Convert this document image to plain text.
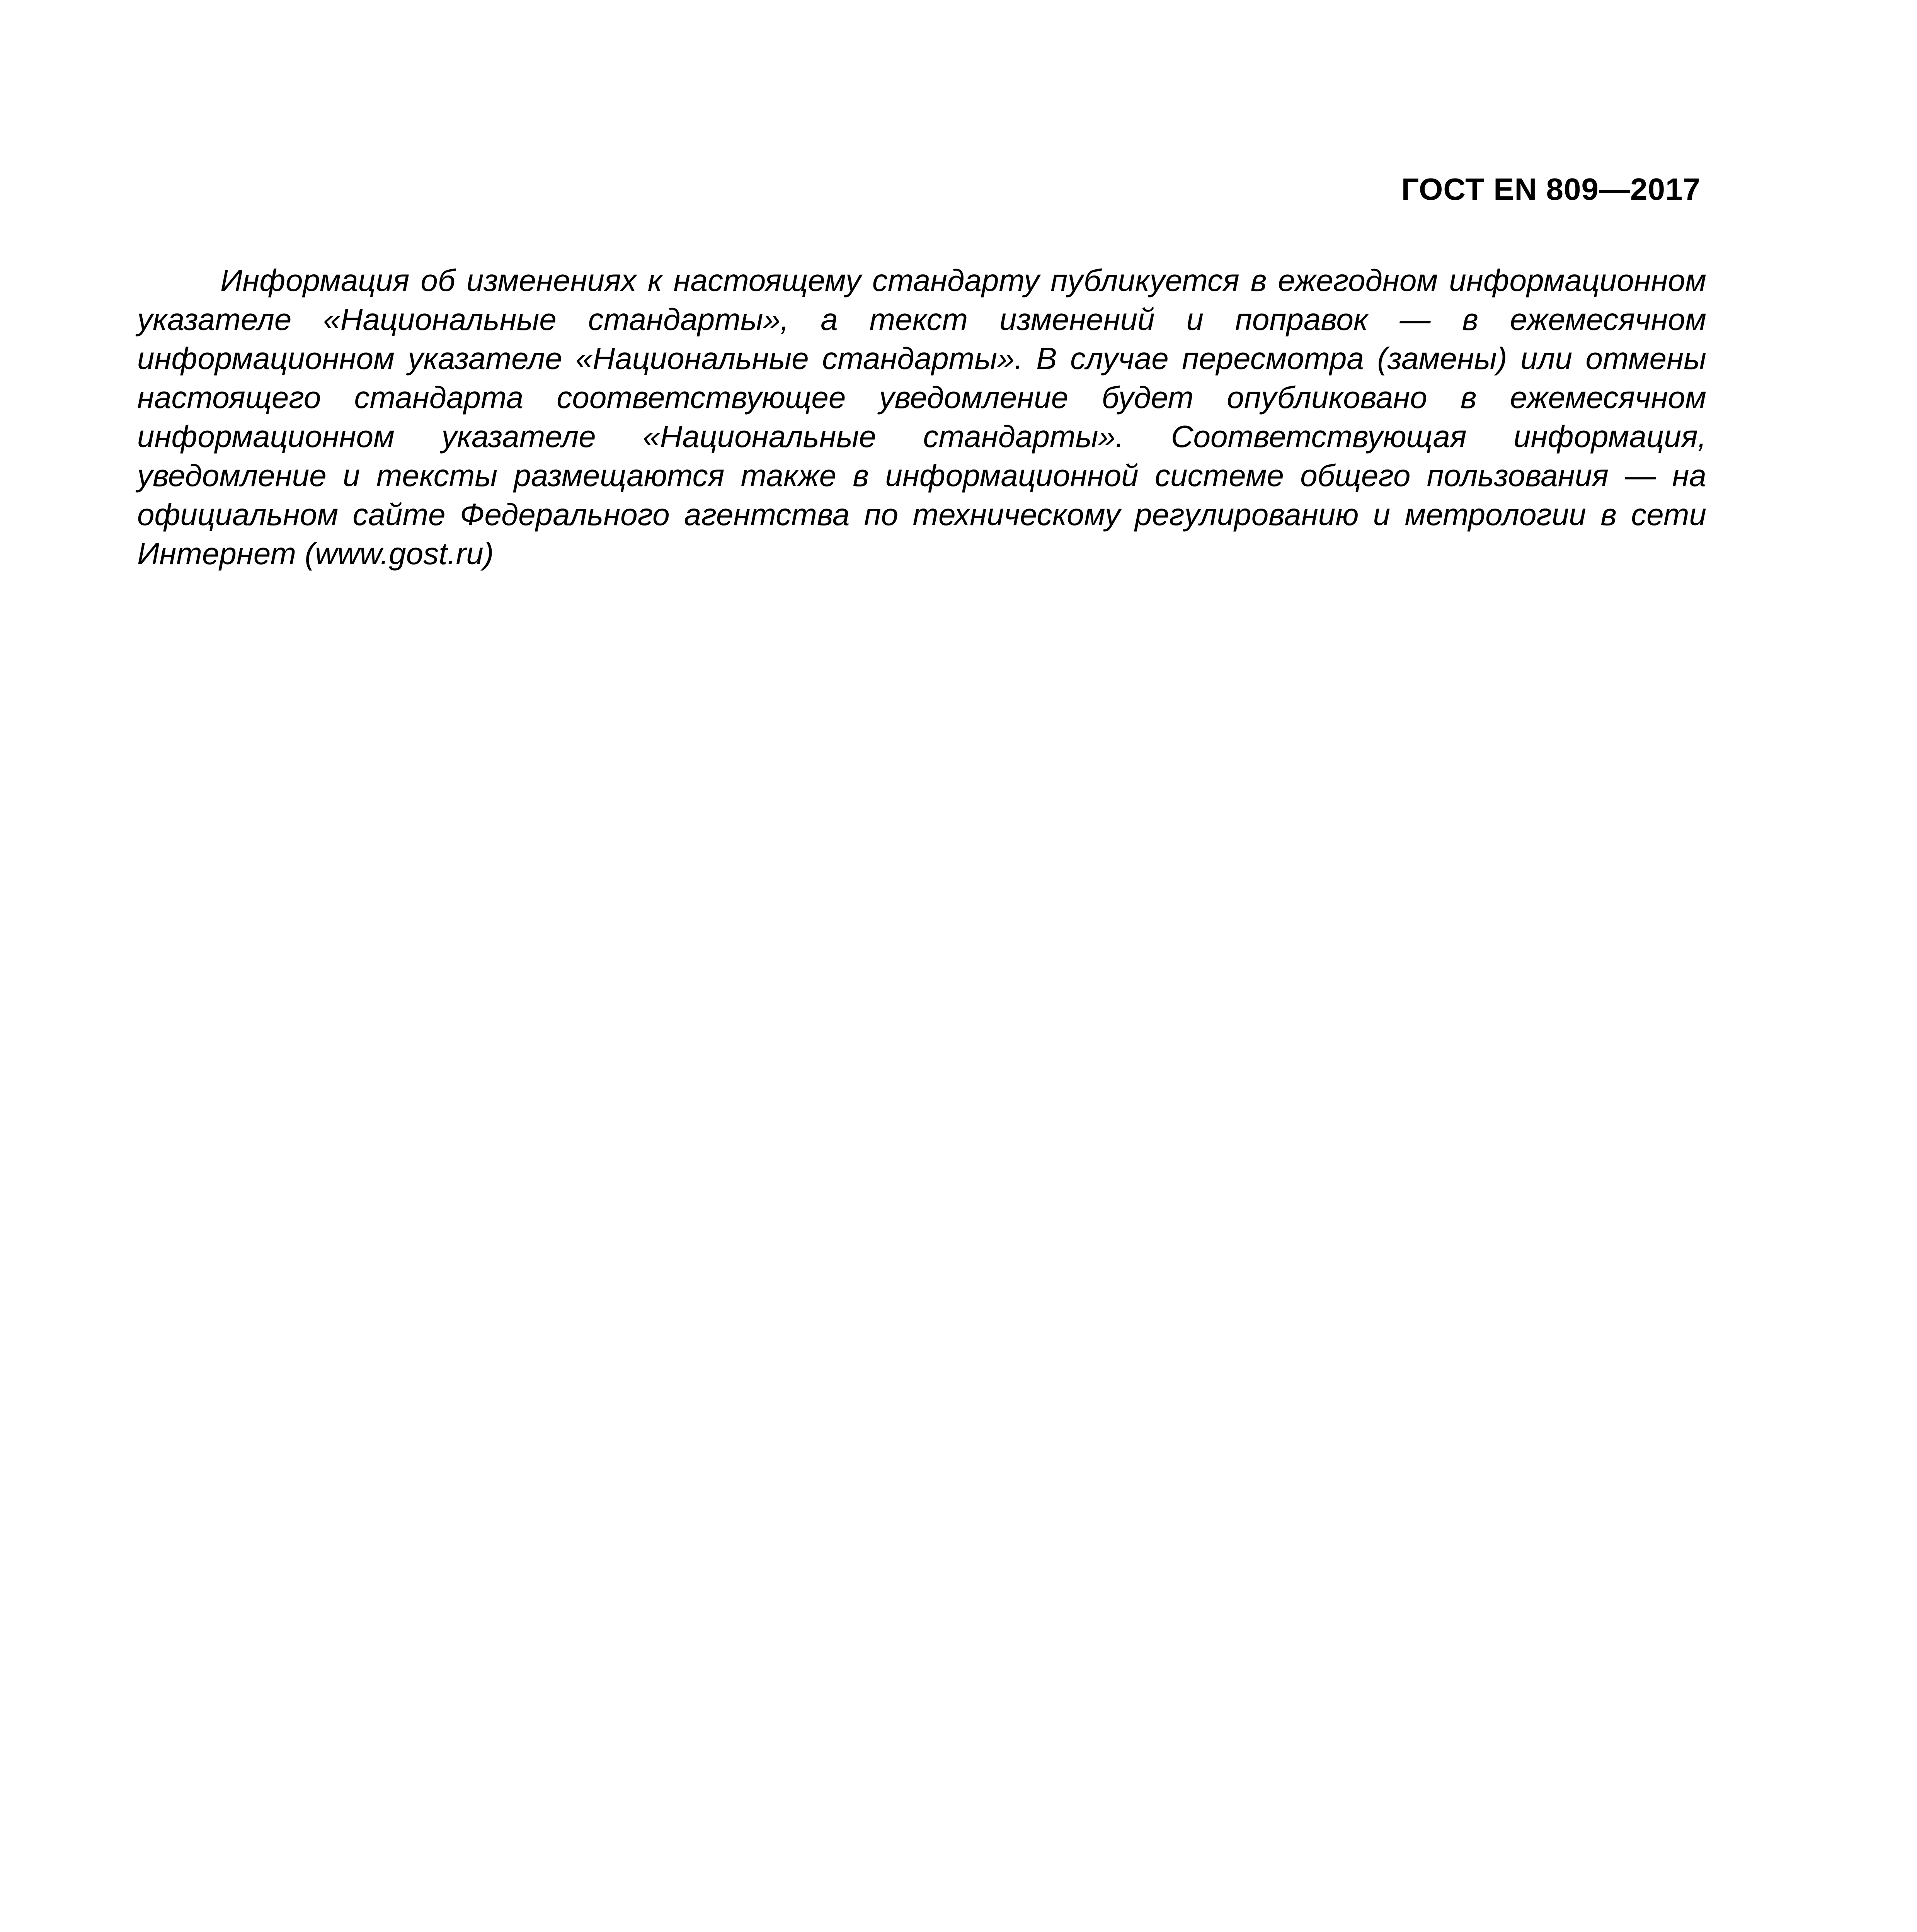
ГОСТ EN 809—2017

Информация об изменениях к настоящему стандарту публикуется в ежегодном информационном указателе «Национальные стандарты», а текст изменений и поправок — в ежемесячном информационном указателе «Национальные стандарты». В случае пересмотра (замены) или отмены настоящего стандарта соответствующее уведомление будет опубликовано в ежемесячном информационном указателе «Национальные стандарты». Соответствующая информация, уведомление и тексты размещаются также в информационной системе общего пользования — на официальном сайте Федерального агентства по техническому регулированию и метрологии в сети Интернет (www.gost.ru)
